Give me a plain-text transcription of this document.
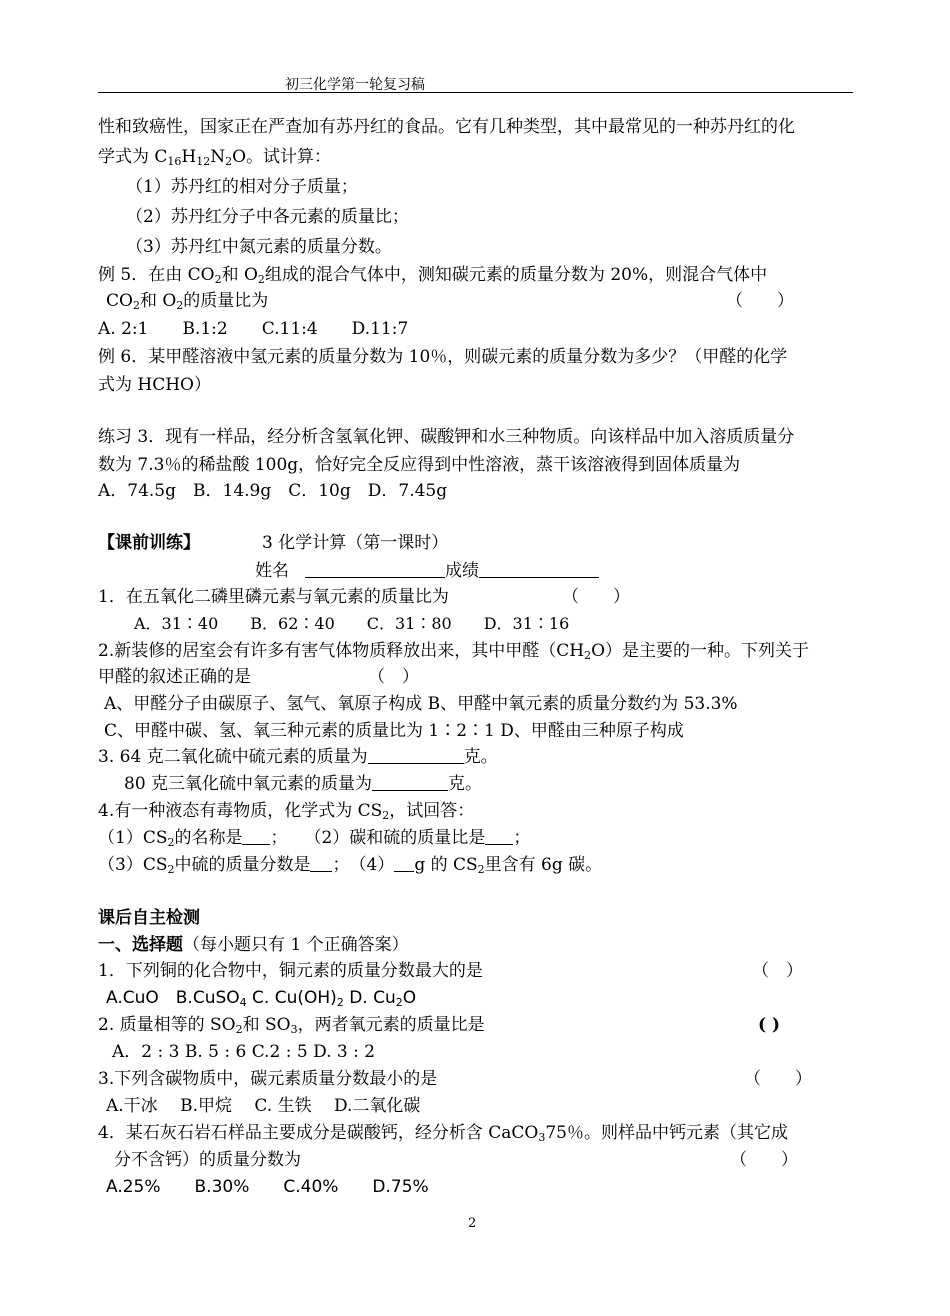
初三化学第一轮复习稿
性和致癌性，国家正在严查加有苏丹红的食品。它有几种类型，其中最常见的一种苏丹红的化
学式为 $C_{16}H_{12}N_2O$。试计算：
（1）苏丹红的相对分子质量；
（2）苏丹红分子中各元素的质量比；
（3）苏丹红中氮元素的质量分数。
例 5．在由 $CO_2$和 $O_2$组成的混合气体中，测知碳元素的质量分数为 20%，则混合气体中
$CO_2$和 $O_2$的质量比为	（　　）
A. 2:1　　B.1:2　　C.11:4　　D.11:7
例 6．某甲醛溶液中氢元素的质量分数为 10％，则碳元素的质量分数为多少？（甲醛的化学
式为 HCHO）
练习 3．现有一样品，经分析含氢氧化钾、碳酸钾和水三种物质。向该样品中加入溶质质量分
数为 7.3％的稀盐酸 100g，恰好完全反应得到中性溶液，蒸干该溶液得到固体质量为
A．74.5g　B．14.9g　C．10g　D．7.45g
【课前训练】	3 化学计算（第一课时）
姓名	成绩
1．在五氧化二磷里磷元素与氧元素的质量比为	（　　）
A．31∶40　　B．62∶40　　C．31∶80　　D．31∶16
2.新装修的居室会有许多有害气体物质释放出来，其中甲醛$(CH_2O)$是主要的一种。下列关于
甲醛的叙述正确的是	（　）
A、甲醛分子由碳原子、氢气、氧原子构成 B、甲醛中氧元素的质量分数约为 53.3%
C、甲醛中碳、氢、氧三种元素的质量比为 1∶2∶1 D、甲醛由三种原子构成
3. 64 克二氧化硫中硫元素的质量为	克。
80 克三氧化硫中氧元素的质量为	克。
4.有一种液态有毒物质，化学式为 $CS_2$，试回答：
$(1)CS_2$的名称是 ；　　（2）碳和硫的质量比是 ；
$(3)CS_2$中硫的质量分数是 ；　（4） g 的 $CS_2$里含有 6g 碳。
课后自主检测
一、选择题（每小题只有 1 个正确答案）
1．下列铜的化合物中，铜元素的质量分数最大的是	（　）
A.CuO　B.CuSO$_4$ C. $Cu(OH)_2$ D. $Cu_2O$
2. 质量相等的 $SO_2$和 $SO_3$，两者氧元素的质量比是	( )
A．2 : 3 B. 5 : 6 C.2 : 5 D. 3 : 2
3.下列含碳物质中，碳元素质量分数最小的是	（　　）
A.干冰　 B.甲烷　 C. 生铁　 D.二氧化碳
4．某石灰石岩石样品主要成分是碳酸钙，经分析含 CaCO$_3$75％。则样品中钙元素（其它成
分不含钙）的质量分数为	（　　）
A.25%　　B.30%　　C.40%　　D.75%
2
